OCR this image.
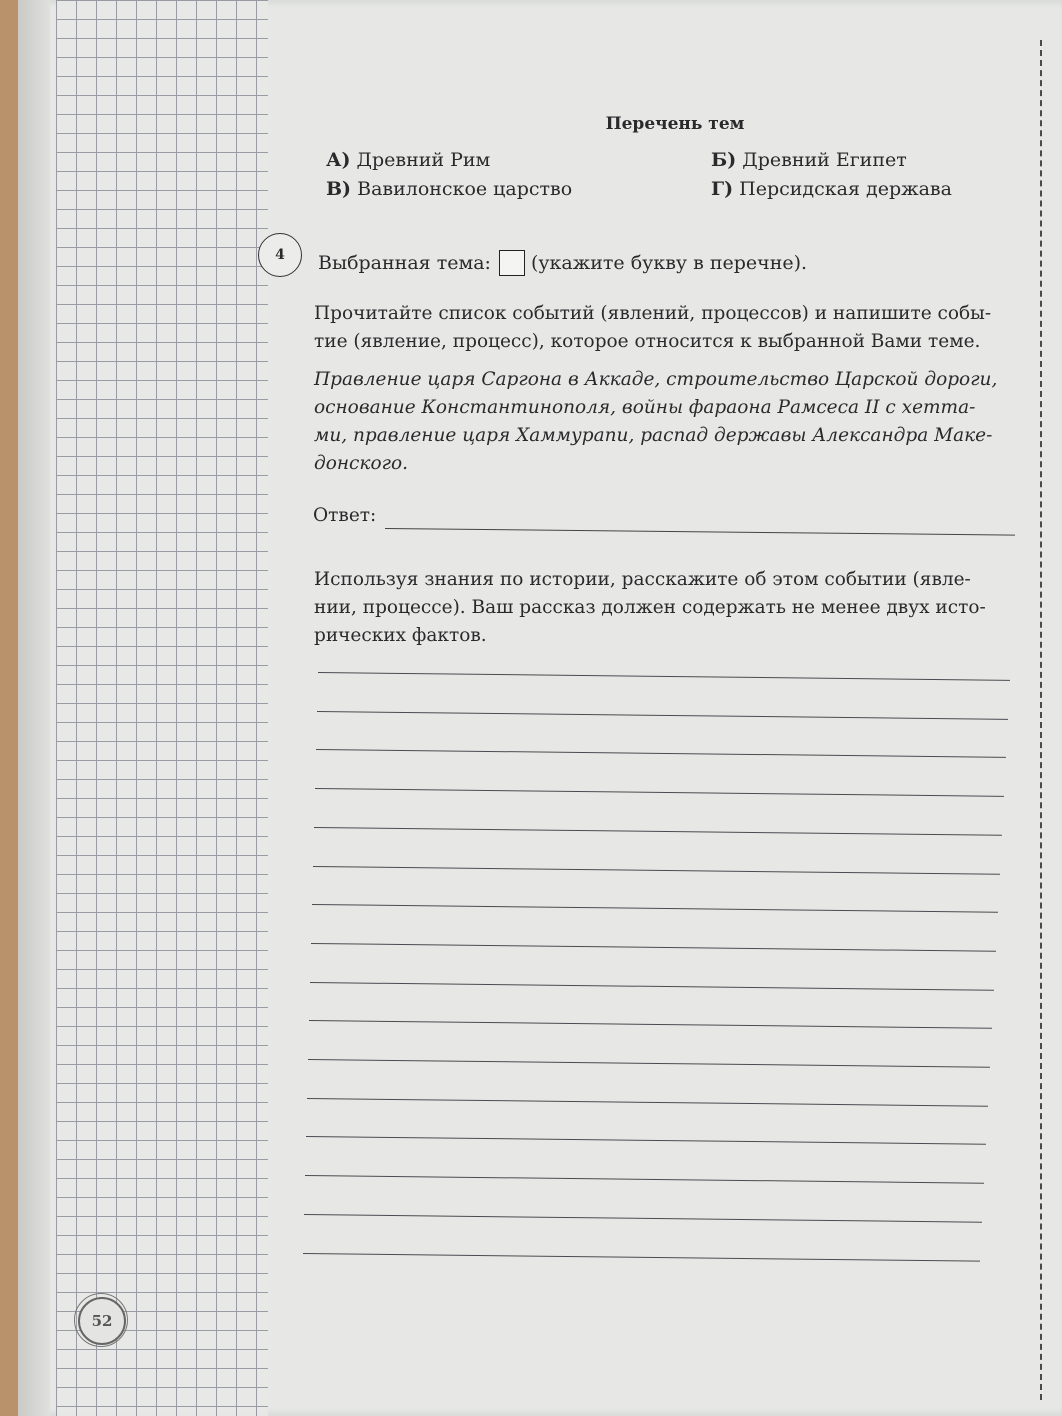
Перечень тем
А) Древний Рим	Б) Древний Египет
В) Вавилонское царство	Г) Персидская держава
4	Выбранная тема: (укажите букву в перечне).
Прочитайте список событий (явлений, процессов) и напишите собы-
тие (явление, процесс), которое относится к выбранной Вами теме.
Правление царя Саргона в Аккаде, строительство Царской дороги,
основание Константинополя, войны фараона Рамсеса II с хетта-
ми, правление царя Хаммурапи, распад державы Александра Маке-
донского.
Ответ:
Используя знания по истории, расскажите об этом событии (явле-
нии, процессе). Ваш рассказ должен содержать не менее двух исто-
рических фактов.
52
